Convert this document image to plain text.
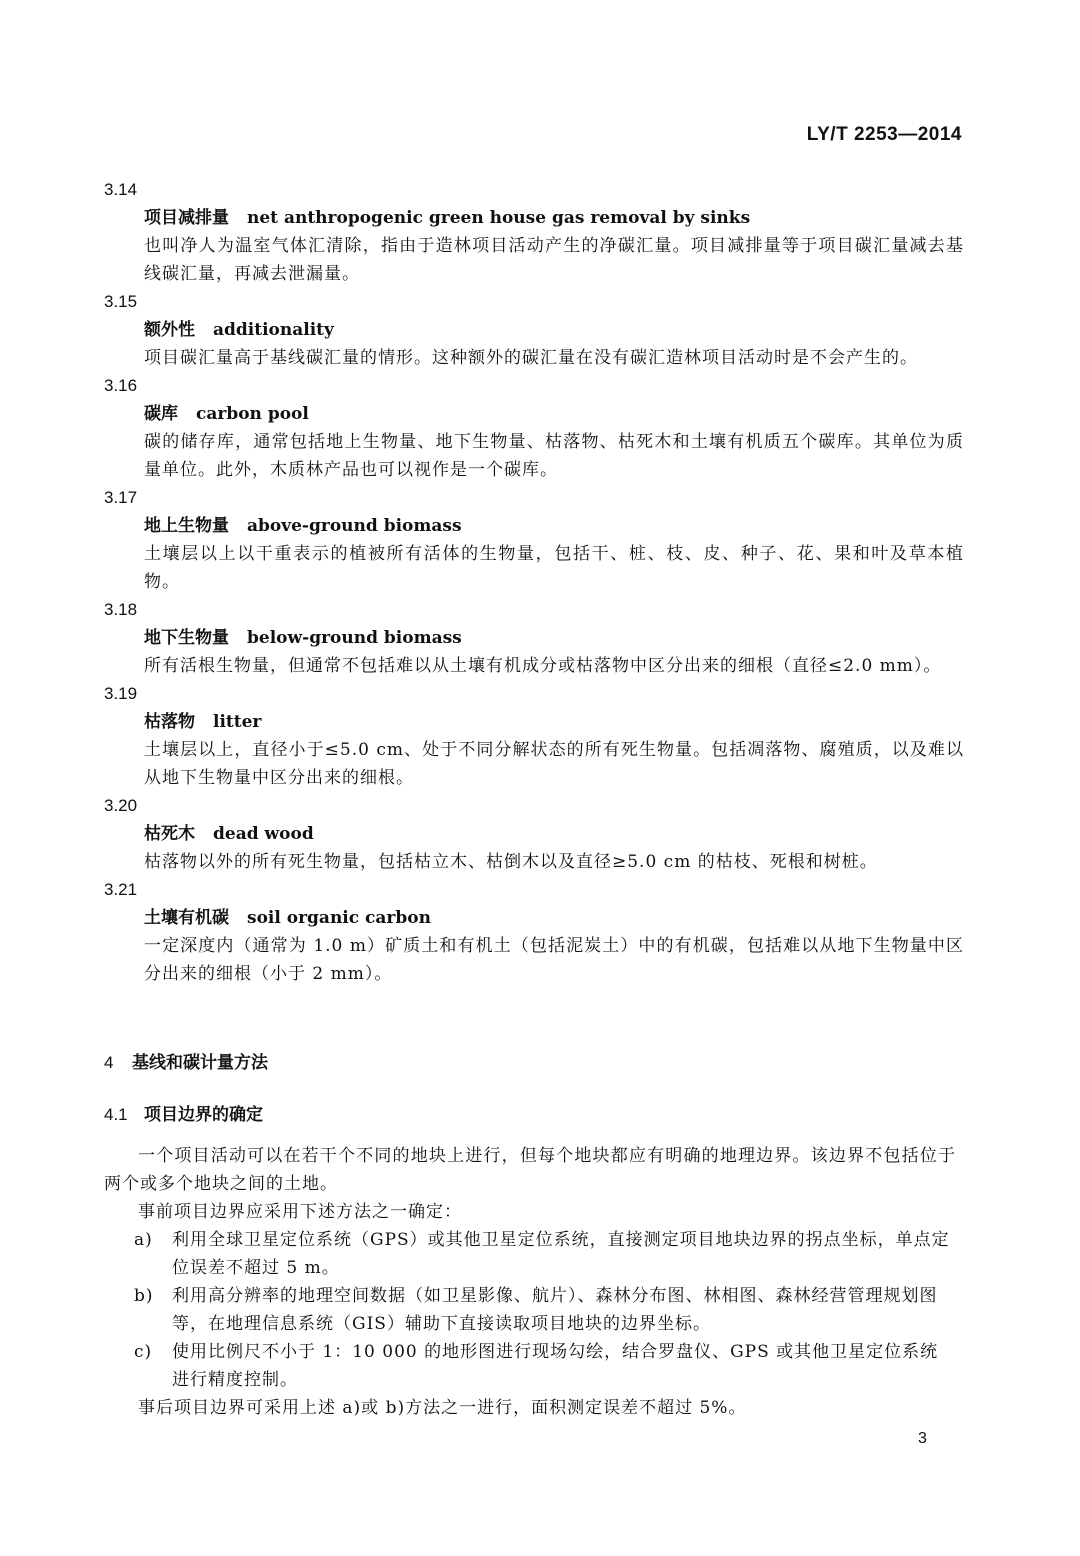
LY/T 2253—2014
3.14
项目减排量 net anthropogenic green house gas removal by sinks
也叫净人为温室气体汇清除，指由于造林项目活动产生的净碳汇量。项目减排量等于项目碳汇量减去基线碳汇量，再减去泄漏量。
3.15
额外性 additionality
项目碳汇量高于基线碳汇量的情形。这种额外的碳汇量在没有碳汇造林项目活动时是不会产生的。
3.16
碳库 carbon pool
碳的储存库，通常包括地上生物量、地下生物量、枯落物、枯死木和土壤有机质五个碳库。其单位为质量单位。此外，木质林产品也可以视作是一个碳库。
3.17
地上生物量 above-ground biomass
土壤层以上以干重表示的植被所有活体的生物量，包括干、桩、枝、皮、种子、花、果和叶及草本植物。
3.18
地下生物量 below-ground biomass
所有活根生物量，但通常不包括难以从土壤有机成分或枯落物中区分出来的细根（直径≤2.0 mm）。
3.19
枯落物 litter
土壤层以上，直径小于≤5.0 cm、处于不同分解状态的所有死生物量。包括凋落物、腐殖质，以及难以从地下生物量中区分出来的细根。
3.20
枯死木 dead wood
枯落物以外的所有死生物量，包括枯立木、枯倒木以及直径≥5.0 cm 的枯枝、死根和树桩。
3.21
土壤有机碳 soil organic carbon
一定深度内（通常为 1.0 m）矿质土和有机土（包括泥炭土）中的有机碳，包括难以从地下生物量中区分出来的细根（小于 2 mm）。
4 基线和碳计量方法
4.1 项目边界的确定
一个项目活动可以在若干个不同的地块上进行，但每个地块都应有明确的地理边界。该边界不包括位于两个或多个地块之间的土地。
事前项目边界应采用下述方法之一确定：
a) 利用全球卫星定位系统（GPS）或其他卫星定位系统，直接测定项目地块边界的拐点坐标，单点定位误差不超过 5 m。
b) 利用高分辨率的地理空间数据（如卫星影像、航片）、森林分布图、林相图、森林经营管理规划图等，在地理信息系统（GIS）辅助下直接读取项目地块的边界坐标。
c) 使用比例尺不小于 1：10 000 的地形图进行现场勾绘，结合罗盘仪、GPS 或其他卫星定位系统进行精度控制。
事后项目边界可采用上述 a)或 b)方法之一进行，面积测定误差不超过 5%。
3
